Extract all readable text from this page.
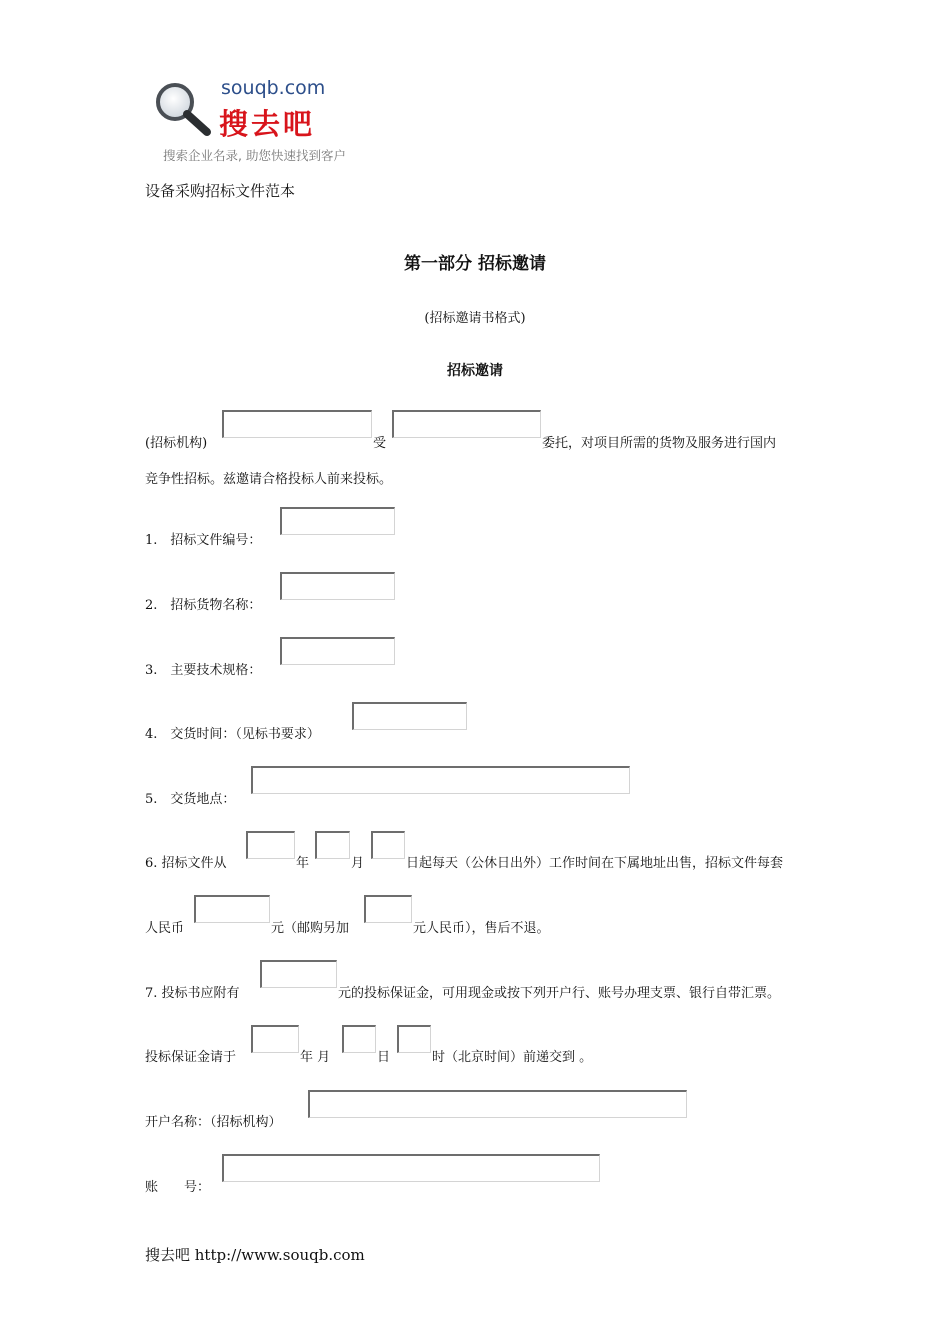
souqb.com
搜去吧
搜索企业名录, 助您快速找到客户
设备采购招标文件范本
第一部分 招标邀请
(招标邀请书格式)
招标邀请
(招标机构)	受	委托，对项目所需的货物及服务进行国内
竞争性招标。兹邀请合格投标人前来投标。
1.　招标文件编号：
2.　招标货物名称：
3.　主要技术规格：
4.　交货时间：（见标书要求）
5.　交货地点：
6. 招标文件从	年	月	日起每天（公休日出外）工作时间在下属地址出售，招标文件每套
人民币	元（邮购另加	元人民币），售后不退。
7. 投标书应附有	元的投标保证金，可用现金或按下列开户行、账号办理支票、银行自带汇票。
投标保证金请于	年 月	日	时（北京时间）前递交到 。
开户名称：（招标机构）
账　　号：
搜去吧 http://www.souqb.com
